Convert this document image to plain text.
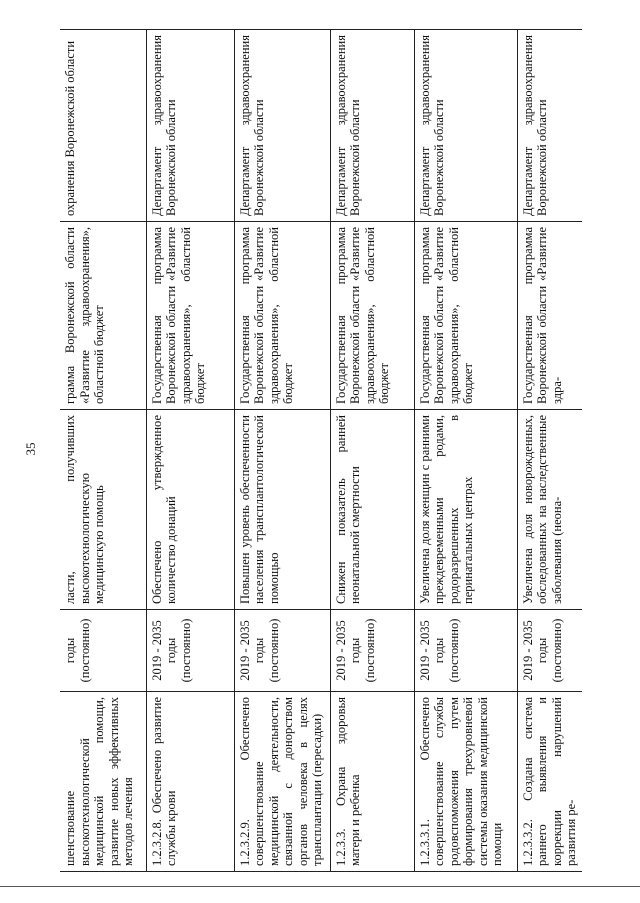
35
шенствование высокотехнологической медицинской помощи, развитие новых эффективных методов лечения	годы (постоянно)	ласти, получивших высокотехнологическую медицинскую помощь	грамма Воронежской области «Развитие здравоохранения», областной бюджет	охранения Воронежской области
1.2.3.2.8. Обеспечено развитие службы крови	2019 - 2035 годы (постоянно)	Обеспечено утвержденное количество донаций	Государственная программа Воронежской области «Развитие здравоохранения», областной бюджет	Департамент здравоохранения Воронежской области
1.2.3.2.9. Обеспечено совершенствование медицинской деятельности, связанной с донорством органов человека в целях трансплантации (пересадки)	2019 - 2035 годы (постоянно)	Повышен уровень обеспеченности населения трансплантологической помощью	Государственная программа Воронежской области «Развитие здравоохранения», областной бюджет	Департамент здравоохранения Воронежской области
1.2.3.3. Охрана здоровья матери и ребенка	2019 - 2035 годы (постоянно)	Снижен показатель ранней неонатальной смертности	Государственная программа Воронежской области «Развитие здравоохранения», областной бюджет	Департамент здравоохранения Воронежской области
1.2.3.3.1. Обеспечено совершенствование службы родовспоможения путем формирования трехуровневой системы оказания медицинской помощи	2019 - 2035 годы (постоянно)	Увеличена доля женщин с ранними преждевременными родами, родоразрешенных в перинатальных центрах	Государственная программа Воронежской области «Развитие здравоохранения», областной бюджет	Департамент здравоохранения Воронежской области
1.2.3.3.2. Создана система раннего выявления и коррекции нарушений развития ре-	2019 - 2035 годы (постоянно)	Увеличена доля новорожденных, обследованных на наследственные заболевания (неона-	Государственная программа Воронежской области «Развитие здра-	Департамент здравоохранения Воронежской области
